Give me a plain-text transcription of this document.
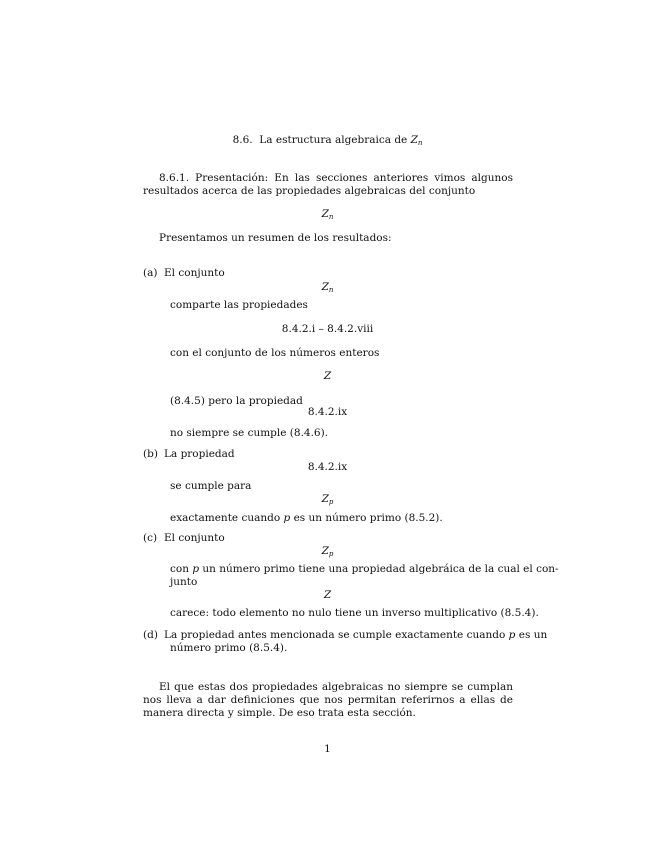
8.6. La estructura algebraica de $Z_n$
8.6.1. Presentación: En las secciones anteriores vimos algunos resultados acerca de las propiedades algebraicas del conjunto
$Z_n$
Presentamos un resumen de los resultados:
(a) El conjunto
$Z_n$
comparte las propiedades
8.4.2.i – 8.4.2.viii
con el conjunto de los números enteros
Z
(8.4.5) pero la propiedad
8.4.2.ix
no siempre se cumple (8.4.6).
(b) La propiedad
8.4.2.ix
se cumple para
$Z_p$
exactamente cuando p es un número primo (8.5.2).
(c) El conjunto
$Z_p$
con p un número primo tiene una propiedad algebráica de la cual el con-
junto
Z
carece: todo elemento no nulo tiene un inverso multiplicativo (8.5.4).
(d) La propiedad antes mencionada se cumple exactamente cuando p es un
número primo (8.5.4).
El que estas dos propiedades algebraicas no siempre se cumplan nos lleva a dar definiciones que nos permitan referirnos a ellas de manera directa y simple. De eso trata esta sección.
1
